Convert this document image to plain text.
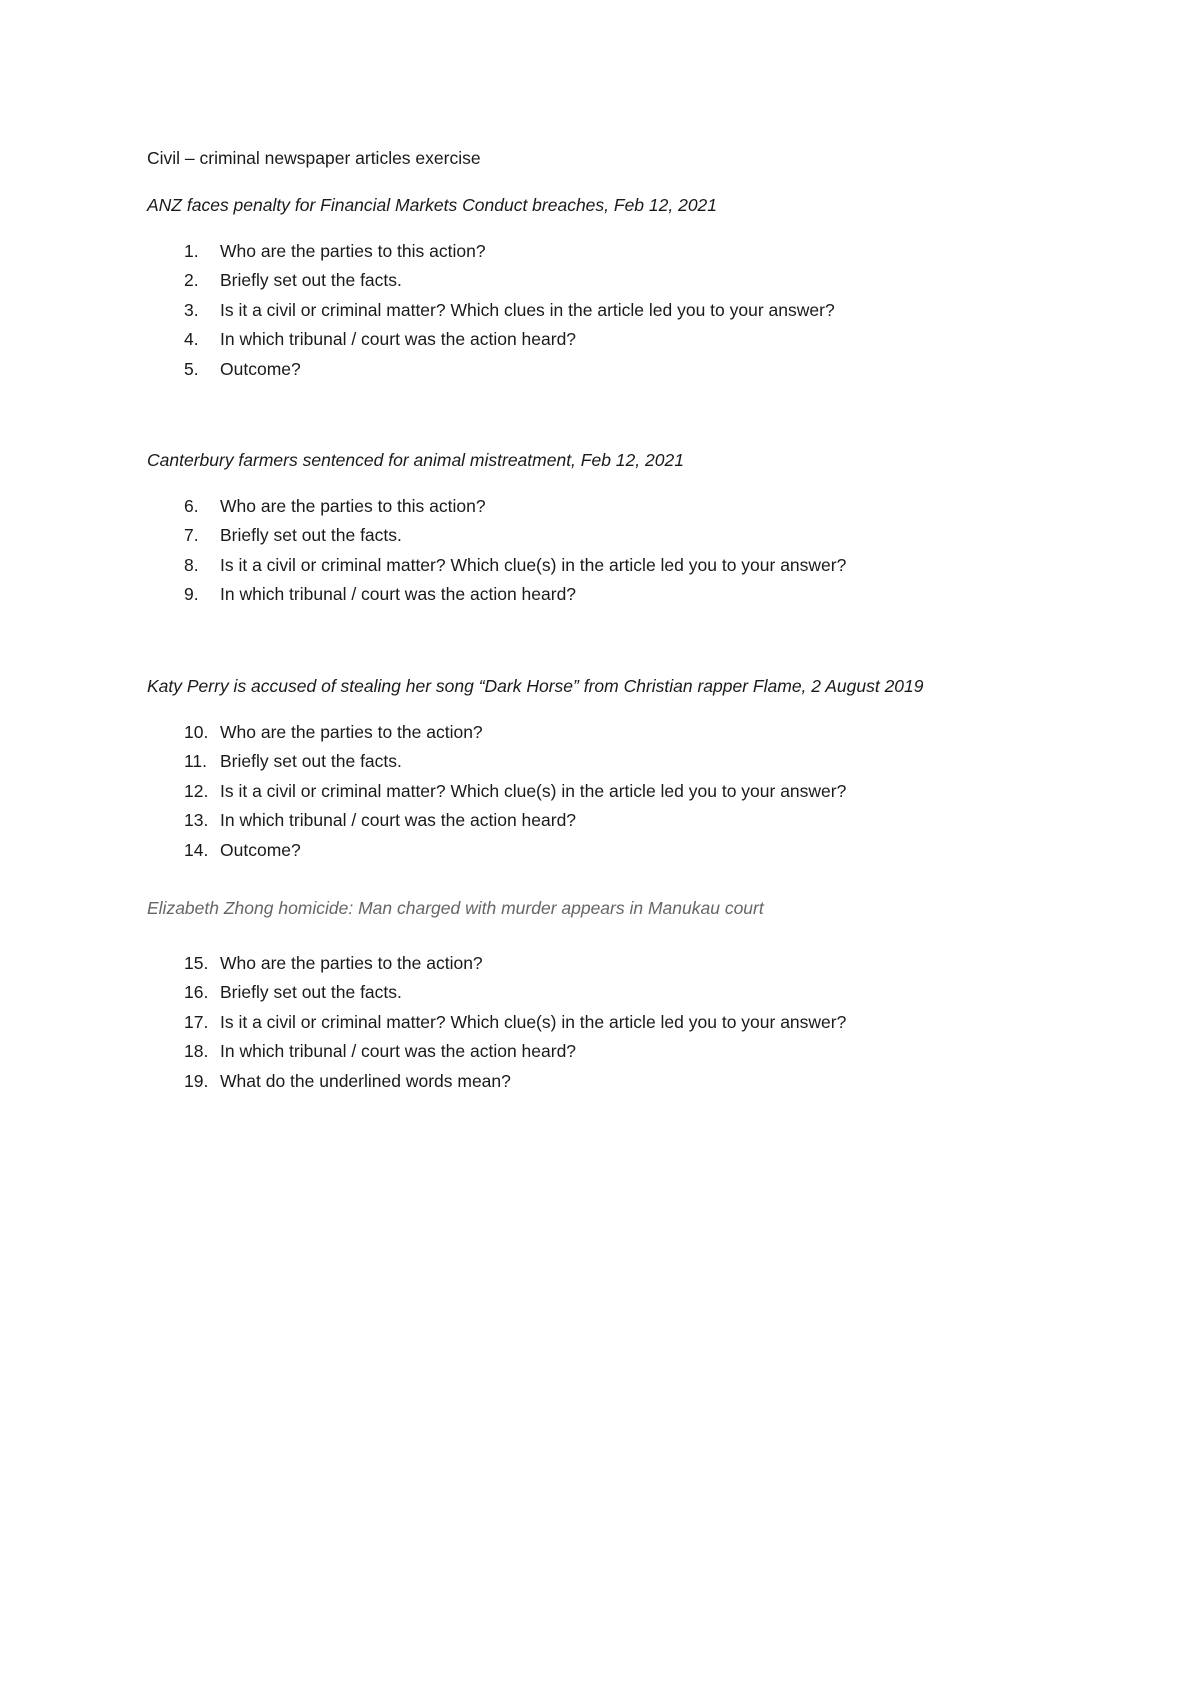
Civil – criminal newspaper articles exercise

ANZ faces penalty for Financial Markets Conduct breaches, Feb 12, 2021

1. Who are the parties to this action?
2. Briefly set out the facts.
3. Is it a civil or criminal matter? Which clues in the article led you to your answer?
4. In which tribunal / court was the action heard?
5. Outcome?

Canterbury farmers sentenced for animal mistreatment, Feb 12, 2021

6. Who are the parties to this action?
7. Briefly set out the facts.
8. Is it a civil or criminal matter? Which clue(s) in the article led you to your answer?
9. In which tribunal / court was the action heard?

Katy Perry is accused of stealing her song “Dark Horse” from Christian rapper Flame, 2 August 2019

10. Who are the parties to the action?
11. Briefly set out the facts.
12. Is it a civil or criminal matter? Which clue(s) in the article led you to your answer?
13. In which tribunal / court was the action heard?
14. Outcome?

Elizabeth Zhong homicide: Man charged with murder appears in Manukau court

15. Who are the parties to the action?
16. Briefly set out the facts.
17. Is it a civil or criminal matter? Which clue(s) in the article led you to your answer?
18. In which tribunal / court was the action heard?
19. What do the underlined words mean?
